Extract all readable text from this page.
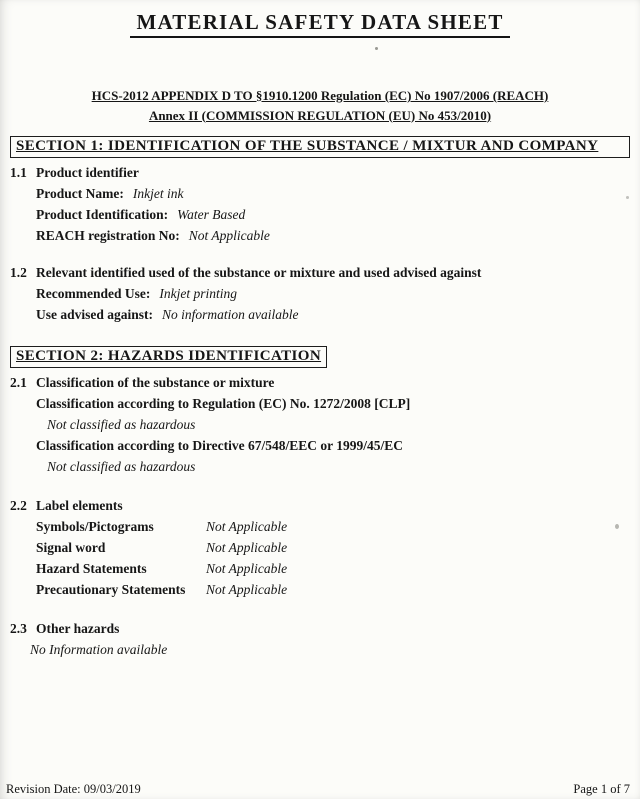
MATERIAL SAFETY DATA SHEET
HCS-2012 APPENDIX D TO §1910.1200 Regulation (EC) No 1907/2006 (REACH)
Annex II (COMMISSION REGULATION (EU) No 453/2010)
SECTION 1: IDENTIFICATION OF THE SUBSTANCE / MIXTUR AND COMPANY
1.1 Product identifier
Product Name: Inkjet ink
Product Identification: Water Based
REACH registration No: Not Applicable
1.2 Relevant identified used of the substance or mixture and used advised against
Recommended Use: Inkjet printing
Use advised against: No information available
SECTION 2: HAZARDS IDENTIFICATION
2.1 Classification of the substance or mixture
Classification according to Regulation (EC) No. 1272/2008 [CLP]
Not classified as hazardous
Classification according to Directive 67/548/EEC or 1999/45/EC
Not classified as hazardous
2.2 Label elements
Symbols/Pictograms	Not Applicable
Signal word	Not Applicable
Hazard Statements	Not Applicable
Precautionary Statements Not Applicable
2.3 Other hazards
No Information available
Revision Date: 09/03/2019	Page 1 of 7
